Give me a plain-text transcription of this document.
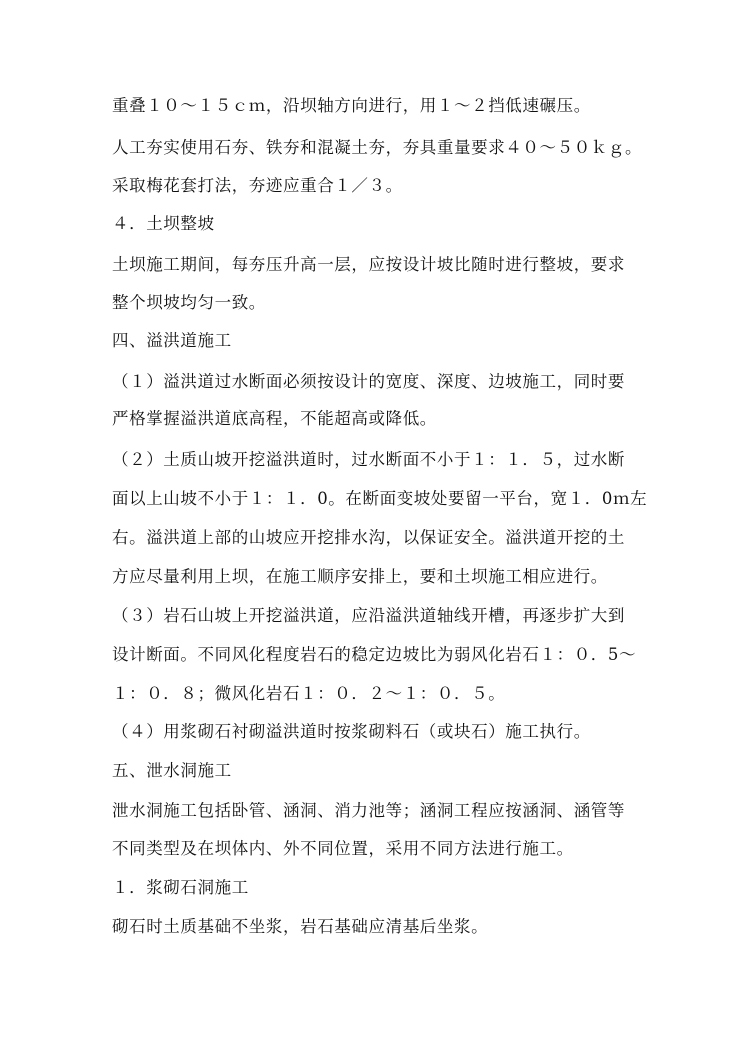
重叠１０～１５ｃｍ，沿坝轴方向进行，用１～２挡低速碾压。
人工夯实使用石夯、铁夯和混凝土夯，夯具重量要求４０～５０ｋｇ。
采取梅花套打法，夯迹应重合１／３。
４．土坝整坡
土坝施工期间，每夯压升高一层，应按设计坡比随时进行整坡，要求
整个坝坡均匀一致。
四、溢洪道施工
（１）溢洪道过水断面必须按设计的宽度、深度、边坡施工，同时要
严格掌握溢洪道底高程，不能超高或降低。
（２）土质山坡开挖溢洪道时，过水断面不小于１：１．５，过水断
面以上山坡不小于１：１．0。在断面变坡处要留一平台，宽１．0ｍ左
右。溢洪道上部的山坡应开挖排水沟，以保证安全。溢洪道开挖的土
方应尽量利用上坝，在施工顺序安排上，要和土坝施工相应进行。
（３）岩石山坡上开挖溢洪道，应沿溢洪道轴线开槽，再逐步扩大到
设计断面。不同风化程度岩石的稳定边坡比为弱风化岩石１：０．5～
１：０．８；微风化岩石１：０．２～１：０．５。
（４）用浆砌石衬砌溢洪道时按浆砌料石（或块石）施工执行。
五、泄水洞施工
泄水洞施工包括卧管、涵洞、消力池等；涵洞工程应按涵洞、涵管等
不同类型及在坝体内、外不同位置，采用不同方法进行施工。
１．浆砌石洞施工
砌石时土质基础不坐浆，岩石基础应清基后坐浆。
